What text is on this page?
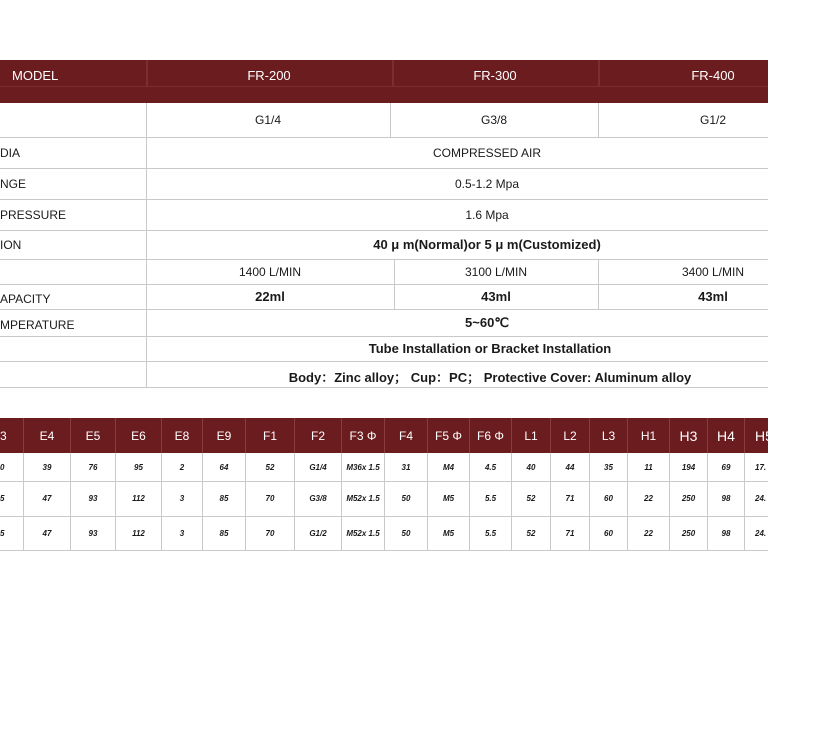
MODEL	FR-200	FR-300	FR-400
G1/4	G3/8	G1/2
DIA	COMPRESSED AIR
NGE	0.5-1.2 Mpa
PRESSURE	1.6 Mpa
ION	40 μ m(Normal)or 5 μ m(Customized)
1400 L/MIN	3100 L/MIN	3400 L/MIN
APACITY	22ml	43ml	43ml
MPERATURE	5~60℃
Tube Installation or Bracket Installation
Body：Zinc alloy； Cup：PC； Protective Cover: Aluminum alloy
3	E4	E5	E6	E8	E9	F1	F2	F3 Φ	F4	F5 Φ	F6 Φ	L1	L2	L3	H1	H3	H4	H5
0	39	76	95	2	64	52	G1/4	M36x 1.5	31	M4	4.5	40	44	35	11	194	69	17.
5	47	93	112	3	85	70	G3/8	M52x 1.5	50	M5	5.5	52	71	60	22	250	98	24.
5	47	93	112	3	85	70	G1/2	M52x 1.5	50	M5	5.5	52	71	60	22	250	98	24.
